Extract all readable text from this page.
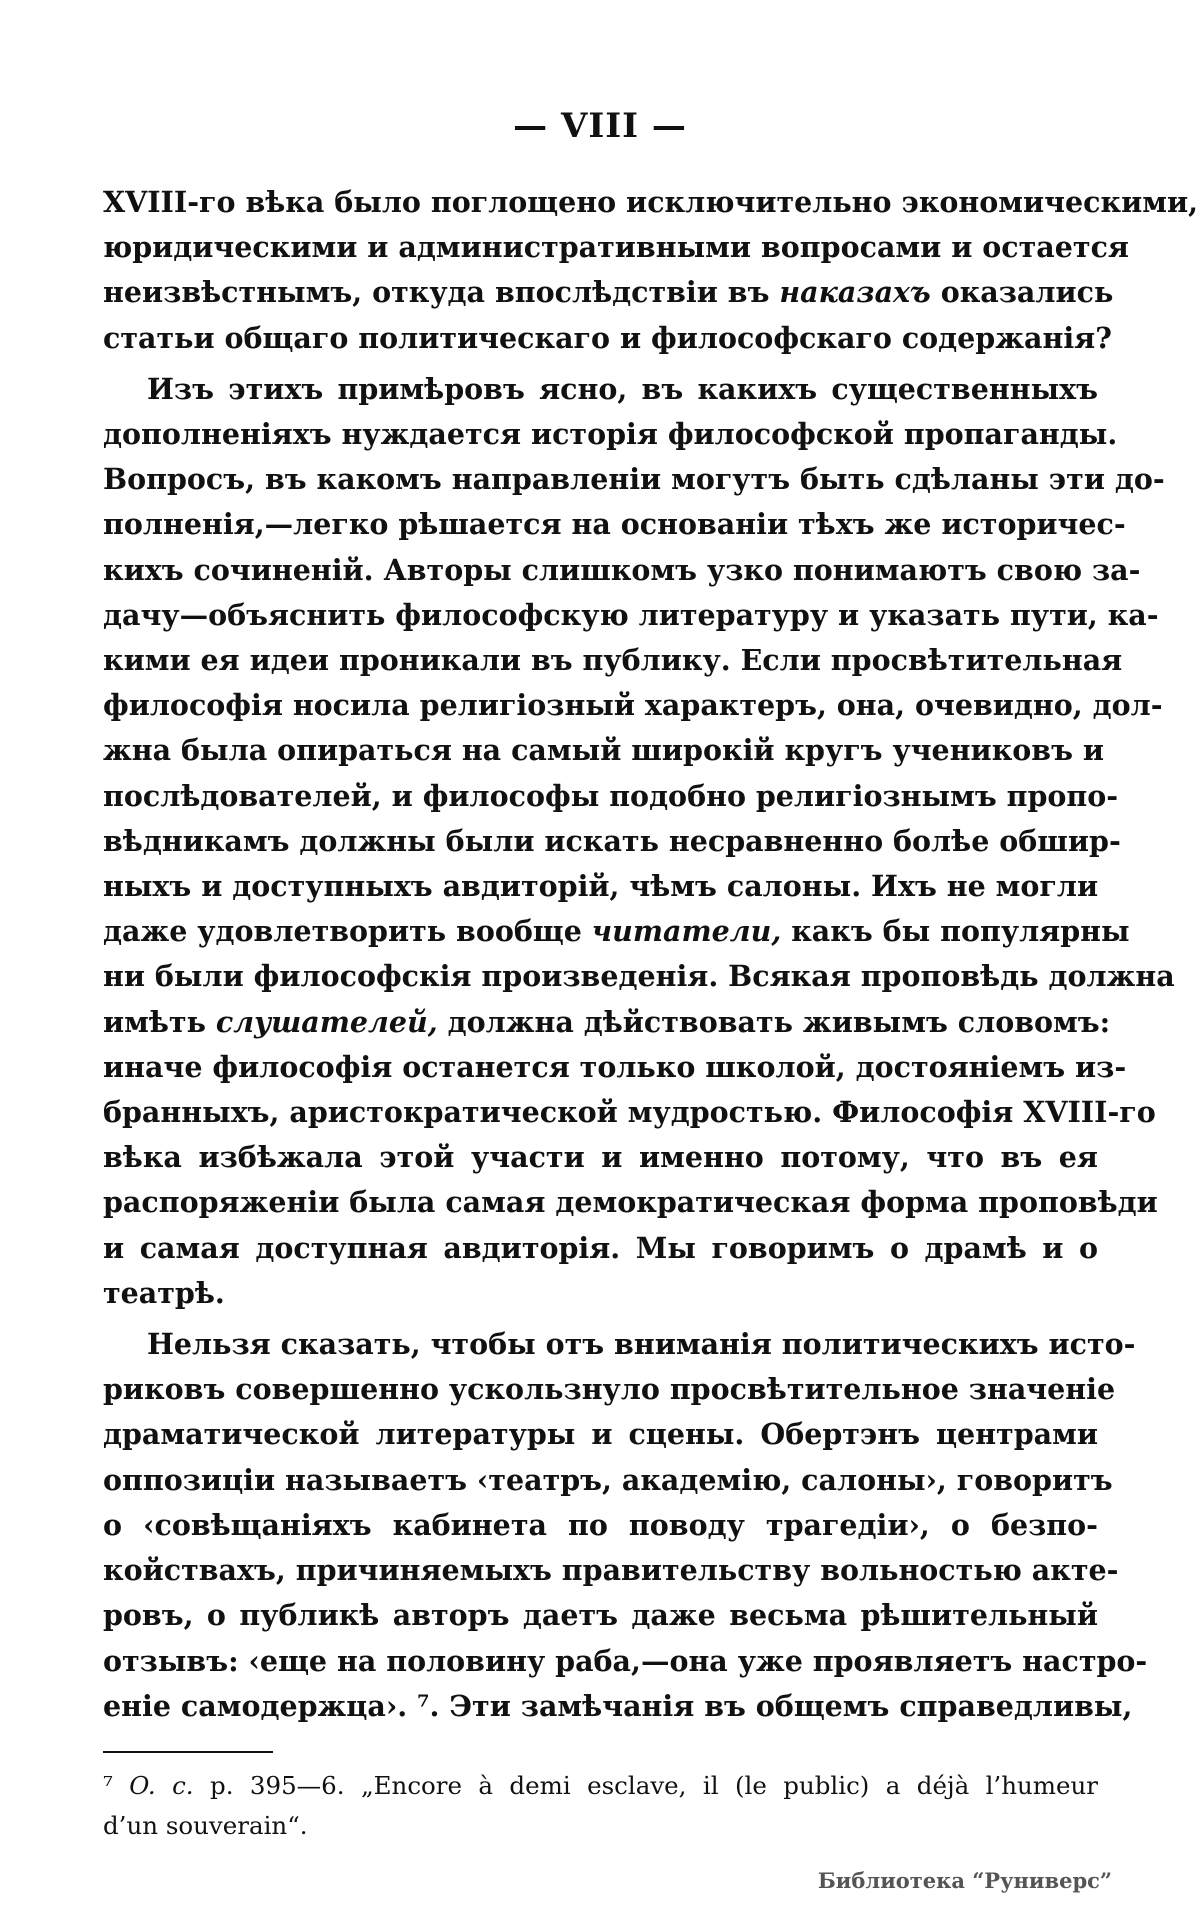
— VIII —
XVIII-го вѣка было поглощено исключительно экономическими,
юридическими и административными вопросами и остается
неизвѣстнымъ, откуда впослѣдствіи въ наказахъ оказались
статьи общаго политическаго и философскаго содержанія?
Изъ этихъ примѣровъ ясно, въ какихъ существенныхъ
дополненіяхъ нуждается исторія философской пропаганды.
Вопросъ, въ какомъ направленіи могутъ быть сдѣланы эти до-
полненія,—легко рѣшается на основаніи тѣхъ же историчес-
кихъ сочиненій. Авторы слишкомъ узко понимаютъ свою за-
дачу—объяснить философскую литературу и указать пути, ка-
кими ея идеи проникали въ публику. Если просвѣтительная
философія носила религіозный характеръ, она, очевидно, дол-
жна была опираться на самый широкій кругъ учениковъ и
послѣдователей, и философы подобно религіознымъ пропо-
вѣдникамъ должны были искать несравненно болѣе обшир-
ныхъ и доступныхъ авдиторій, чѣмъ салоны. Ихъ не могли
даже удовлетворить вообще читатели, какъ бы популярны
ни были философскія произведенія. Всякая проповѣдь должна
имѣть слушателей, должна дѣйствовать живымъ словомъ:
иначе философія останется только школой, достояніемъ из-
бранныхъ, аристократической мудростью. Философія XVIII-го
вѣка избѣжала этой участи и именно потому, что въ ея
распоряженіи была самая демократическая форма проповѣди
и самая доступная авдиторія. Мы говоримъ о драмѣ и о
театрѣ.
Нельзя сказать, чтобы отъ вниманія политическихъ исто-
риковъ совершенно ускользнуло просвѣтительное значеніе
драматической литературы и сцены. Обертэнъ центрами
оппозиціи называетъ ‹театръ, академію, салоны›, говоритъ
о ‹совѣщаніяхъ кабинета по поводу трагедіи›, о безпо-
койствахъ, причиняемыхъ правительству вольностью акте-
ровъ, о публикѣ авторъ даетъ даже весьма рѣшительный
отзывъ: ‹еще на половину раба,—она уже проявляетъ настро-
еніе самодержца›. ⁷. Эти замѣчанія въ общемъ справедливы,
⁷ O. c. p. 395—6. „Encore à demi esclave, il (le public) a déjà l’humeur
d’un souverain“.
Библиотека “Руниверс”
